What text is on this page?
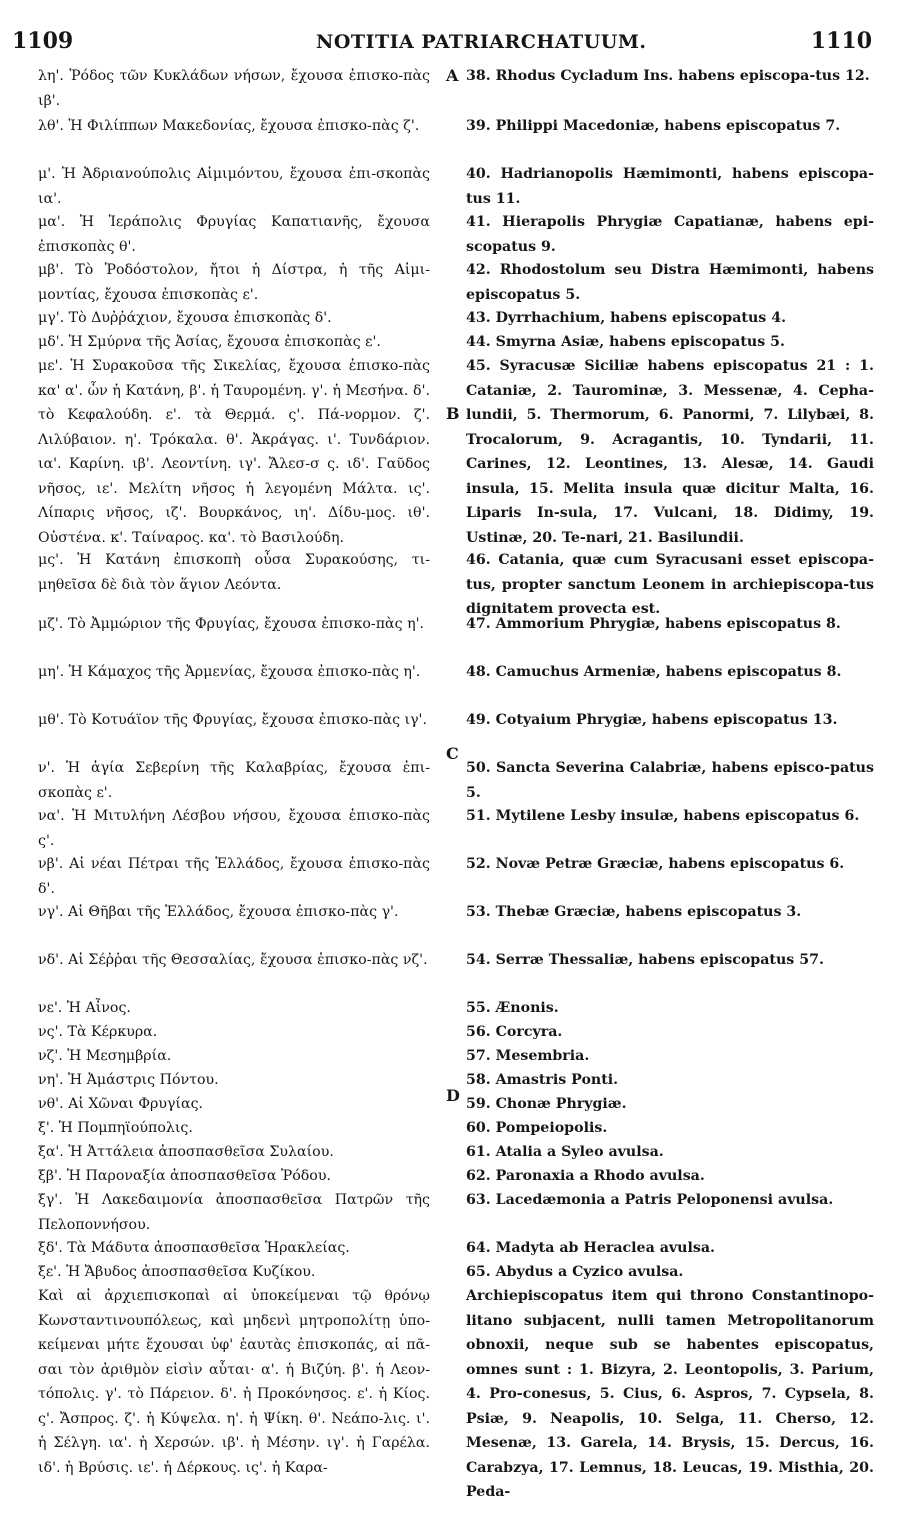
1109	NOTITIA PATRIARCHATUUM.	1110
A
B
C
D

λη'. Ῥόδος τῶν Κυκλάδων νήσων, ἔχουσα ἐπισκο-πὰς ιβ'.

λθ'. Ἡ Φιλίππων Μακεδονίας, ἔχουσα ἐπισκο-πὰς ζ'.

μ'. Ἡ Ἀδριανούπολις Αἱμιμόντου, ἔχουσα ἐπι-σκοπὰς ια'.

μα'. Ἡ Ἱεράπολις Φρυγίας Καπατιανῆς, ἔχουσα ἐπισκοπὰς θ'.

μβ'. Τὸ Ῥοδόστολον, ἤτοι ἡ Δίστρα, ἡ τῆς Αἱμι-μοντίας, ἔχουσα ἐπισκοπὰς ε'.

μγ'. Τὸ Δυῤῥάχιον, ἔχουσα ἐπισκοπὰς δ'.

μδ'. Ἡ Σμύρνα τῆς Ἀσίας, ἔχουσα ἐπισκοπὰς ε'.

με'. Ἡ Συρακοῦσα τῆς Σικελίας, ἔχουσα ἐπισκο-πὰς κα' α'. ὧν ἡ Κατάνη, β'. ἡ Ταυρομένη. γ'. ἡ Μεσήνα. δ'. τὸ Κεφαλούδη. ε'. τὰ Θερμά. ς'. Πά-νορμον. ζ'. Λιλύβαιον. η'. Τρόκαλα. θ'. Ἀκράγας. ι'. Τυνδάριον. ια'. Καρίνη. ιβ'. Λεοντίνη. ιγ'. Ἄλεσ-σ ς. ιδ'. Γαῦδος νῆσος, ιε'. Μελίτη νῆσος ἡ λεγομένη Μάλτα. ις'. Λίπαρις νῆσος, ιζ'. Βουρκάνος, ιη'. Δίδυ-μος. ιθ'. Οὐστένα. κ'. Ταίναρος. κα'. τὸ Βασιλούδη.

μς'. Ἡ Κατάνη ἐπισκοπὴ οὖσα Συρακούσης, τι-μηθεῖσα δὲ διὰ τὸν ἅγιον Λεόντα.

μζ'. Τὸ Ἀμμώριον τῆς Φρυγίας, ἔχουσα ἐπισκο-πὰς η'.

μη'. Ἡ Κάμαχος τῆς Ἀρμενίας, ἔχουσα ἐπισκο-πὰς η'.

μθ'. Τὸ Κοτυάϊον τῆς Φρυγίας, ἔχουσα ἐπισκο-πὰς ιγ'.

ν'. Ἡ ἁγία Σεβερίνη τῆς Καλαβρίας, ἔχουσα ἐπι-σκοπὰς ε'.

να'. Ἡ Μιτυλήνη Λέσβου νήσου, ἔχουσα ἐπισκο-πὰς ς'.

νβ'. Αἱ νέαι Πέτραι τῆς Ἑλλάδος, ἔχουσα ἐπισκο-πὰς δ'.

νγ'. Αἱ Θῆβαι τῆς Ἑλλάδος, ἔχουσα ἐπισκο-πὰς γ'.

νδ'. Αἱ Σέῤῥαι τῆς Θεσσαλίας, ἔχουσα ἐπισκο-πὰς νζ'.

νε'. Ἡ Αἶνος.

νς'. Τὰ Κέρκυρα.

νζ'. Ἡ Μεσημβρία.

νη'. Ἡ Ἀμάστρις Πόντου.

νθ'. Αἱ Χῶναι Φρυγίας.

ξ'. Ἡ Πομπηϊούπολις.

ξα'. Ἡ Ἀττάλεια ἀποσπασθεῖσα Συλαίου.

ξβ'. Ἡ Παροναξία ἀποσπασθεῖσα Ῥόδου.

ξγ'. Ἡ Λακεδαιμονία ἀποσπασθεῖσα Πατρῶν τῆς Πελοποννήσου.

ξδ'. Τὰ Μάδυτα ἀποσπασθεῖσα Ἡρακλείας.

ξε'. Ἡ Ἄβυδος ἀποσπασθεῖσα Κυζίκου.

Καὶ αἱ ἀρχιεπισκοπαὶ αἱ ὑποκείμεναι τῷ θρόνῳ Κωνσταντινουπόλεως, καὶ μηδενὶ μητροπολίτῃ ὑπο-κείμεναι μήτε ἔχουσαι ὑφ' ἑαυτὰς ἐπισκοπάς, αἱ πᾶ-σαι τὸν ἀριθμὸν εἰσὶν αὗται· α'. ἡ Βιζύη. β'. ἡ Λεον-τόπολις. γ'. τὸ Πάρειον. δ'. ἡ Προκόνησος. ε'. ἡ Κίος. ς'. Ἄσπρος. ζ'. ἡ Κύψελα. η'. ἡ Ψίκη. θ'. Νεάπο-λις. ι'. ἡ Σέλγη. ια'. ἡ Χερσών. ιβ'. ἡ Μέσην. ιγ'. ἡ Γαρέλα. ιδ'. ἡ Βρύσις. ιε'. ἡ Δέρκους. ις'. ἡ Καρα-

38. Rhodus Cycladum Ins. habens episcopa-tus 12.

39. Philippi Macedoniæ, habens episcopatus 7.

40. Hadrianopolis Hæmimonti, habens episcopa-tus 11.

41. Hierapolis Phrygiæ Capatianæ, habens epi-scopatus 9.

42. Rhodostolum seu Distra Hæmimonti, habens episcopatus 5.

43. Dyrrhachium, habens episcopatus 4.

44. Smyrna Asiæ, habens episcopatus 5.

45. Syracusæ Siciliæ habens episcopatus 21 : 1. Cataniæ, 2. Taurominæ, 3. Messenæ, 4. Cepha-lundii, 5. Thermorum, 6. Panormi, 7. Lilybæi, 8. Trocalorum, 9. Acragantis, 10. Tyndarii, 11. Carines, 12. Leontines, 13. Alesæ, 14. Gaudi insula, 15. Melita insula quæ dicitur Malta, 16. Liparis In-sula, 17. Vulcani, 18. Didimy, 19. Ustinæ, 20. Te-nari, 21. Basilundii.

46. Catania, quæ cum Syracusani esset episcopa-tus, propter sanctum Leonem in archiepiscopa-tus dignitatem provecta est.

47. Ammorium Phrygiæ, habens episcopatus 8.

48. Camuchus Armeniæ, habens episcopatus 8.

49. Cotyaium Phrygiæ, habens episcopatus 13.

50. Sancta Severina Calabriæ, habens episco-patus 5.

51. Mytilene Lesby insulæ, habens episcopatus 6.

52. Novæ Petræ Græciæ, habens episcopatus 6.

53. Thebæ Græciæ, habens episcopatus 3.

54. Serræ Thessaliæ, habens episcopatus 57.

55. Ænonis.

56. Corcyra.

57. Mesembria.

58. Amastris Ponti.

59. Chonæ Phrygiæ.

60. Pompeiopolis.

61. Atalia a Syleo avulsa.

62. Paronaxia a Rhodo avulsa.

63. Lacedæmonia a Patris Peloponensi avulsa.

64. Madyta ab Heraclea avulsa.

65. Abydus a Cyzico avulsa.

Archiepiscopatus item qui throno Constantinopo-litano subjacent, nulli tamen Metropolitanorum obnoxii, neque sub se habentes episcopatus, omnes sunt : 1. Bizyra, 2. Leontopolis, 3. Parium, 4. Pro-conesus, 5. Cius, 6. Aspros, 7. Cypsela, 8. Psiæ, 9. Neapolis, 10. Selga, 11. Cherso, 12. Mesenæ, 13. Garela, 14. Brysis, 15. Dercus, 16. Carabzya, 17. Lemnus, 18. Leucas, 19. Misthia, 20. Peda-
